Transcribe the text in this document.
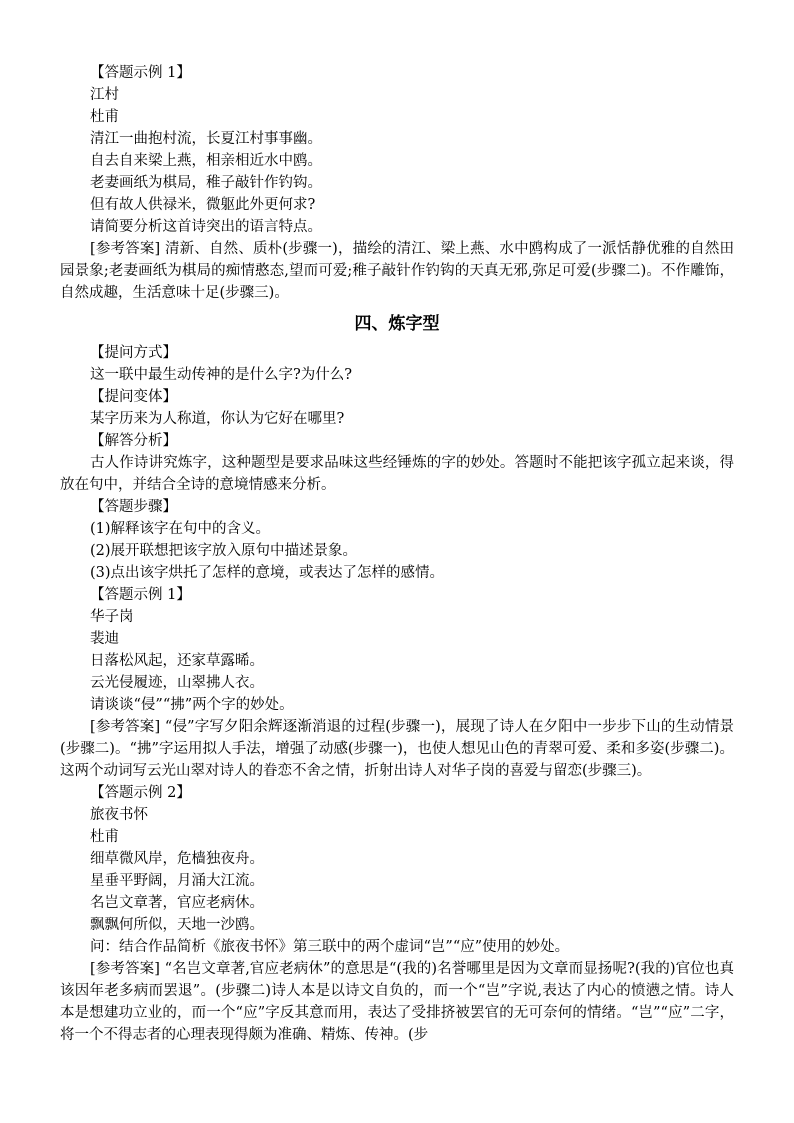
【答题示例 1】
江村
杜甫
清江一曲抱村流，长夏江村事事幽。
自去自来梁上燕，相亲相近水中鸥。
老妻画纸为棋局，稚子敲针作钓钩。
但有故人供禄米，微躯此外更何求?
请简要分析这首诗突出的语言特点。

[参考答案] 清新、自然、质朴(步骤一)，描绘的清江、梁上燕、水中鸥构成了一派恬静优雅的自然田园景象;老妻画纸为棋局的痴情憨态,望而可爱;稚子敲针作钓钩的天真无邪,弥足可爱(步骤二)。不作雕饰，自然成趣，生活意味十足(步骤三)。

四、炼字型
【提问方式】
这一联中最生动传神的是什么字?为什么?
【提问变体】
某字历来为人称道，你认为它好在哪里?
【解答分析】

古人作诗讲究炼字，这种题型是要求品味这些经锤炼的字的妙处。答题时不能把该字孤立起来谈，得放在句中，并结合全诗的意境情感来分析。

【答题步骤】
(1)解释该字在句中的含义。
(2)展开联想把该字放入原句中描述景象。
(3)点出该字烘托了怎样的意境，或表达了怎样的感情。
【答题示例 1】
华子岗
裴迪
日落松风起，还家草露晞。
云光侵履迹，山翠拂人衣。
请谈谈“侵”“拂”两个字的妙处。

[参考答案] “侵”字写夕阳余辉逐渐消退的过程(步骤一)，展现了诗人在夕阳中一步步下山的生动情景(步骤二)。“拂”字运用拟人手法，增强了动感(步骤一)，也使人想见山色的青翠可爱、柔和多姿(步骤二)。这两个动词写云光山翠对诗人的眷恋不舍之情，折射出诗人对华子岗的喜爱与留恋(步骤三)。

【答题示例 2】
旅夜书怀
杜甫
细草微风岸，危樯独夜舟。
星垂平野阔，月涌大江流。
名岂文章著，官应老病休。
飘飘何所似，天地一沙鸥。
问：结合作品简析《旅夜书怀》第三联中的两个虚词“岂”“应”使用的妙处。

[参考答案] “名岂文章著,官应老病休”的意思是“(我的)名誉哪里是因为文章而显扬呢?(我的)官位也真该因年老多病而罢退”。(步骤二)诗人本是以诗文自负的，而一个“岂”字说,表达了内心的愤懑之情。诗人本是想建功立业的，而一个“应”字反其意而用，表达了受排挤被罢官的无可奈何的情绪。“岂”“应”二字，将一个不得志者的心理表现得颇为准确、精炼、传神。(步
